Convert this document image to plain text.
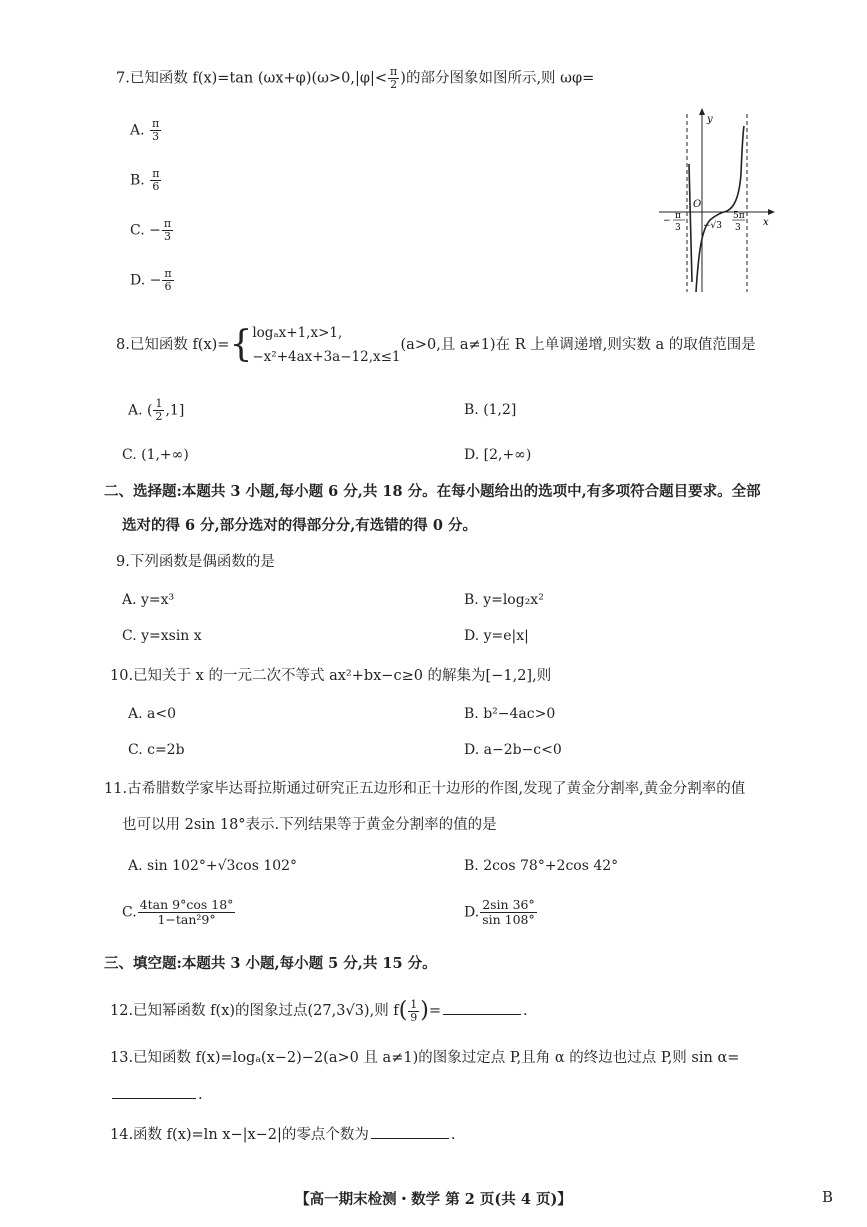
7.已知函数 f(x)=tan $(\omega x+\varphi)(\omega>0,|\varphi|< \frac{\pi}{2}$ )的部分图象如图所示,则 ωφ=
A. $\frac{\pi}{3}$
B. $\frac{\pi}{6}$
C. − $\frac{\pi}{3}$
D. − $\frac{\pi}{6}$
y
x
O
− π
3 −√3
5π
3
8.已知函数 f(x)={ logₐx+1,x>1,
−x²+4ax+3a−12,x≤1
(a>0,且 a≠1)在 R 上单调递增,则实数 a 的取值范围是
A. ( $\frac{1}{2} ,1$]	B. (1,2]
C. (1,+∞)	D. [2,+∞)
二、选择题:本题共 3 小题,每小题 6 分,共 18 分。在每小题给出的选项中,有多项符合题目要求。全部
选对的得 6 分,部分选对的得部分分,有选错的得 0 分。
9.下列函数是偶函数的是
A. y=x³	B. y=log₂x²
C. y=xsin x	D. y=e|x|
10.已知关于 x 的一元二次不等式 ax²+bx−c≥0 的解集为[−1,2],则
A. a<0	B. b²−4ac>0
C. c=2b	D. a−2b−c<0
11.古希腊数学家毕达哥拉斯通过研究正五边形和正十边形的作图,发现了黄金分割率,黄金分割率的值
也可以用 2sin 18°表示.下列结果等于黄金分割率的值的是
A. sin 102°+√3cos 102°	B. 2cos 78°+2cos 42°
C. $\frac{4\tan 9^\circ\cos 18^\circ}{\text{1−tan²9°}}$	D. $\frac{2\sin 36^\circ}{\sin 108^\circ}$
三、填空题:本题共 3 小题,每小题 5 分,共 15 分。
12.已知幂函数 f(x)的图象过点(27,3√3),则 $f( \frac{1}{9}$ )=	.
13.已知函数 f(x)=logₐ(x−2)−2(a>0 且 a≠1)的图象过定点 P,且角 α 的终边也过点 P,则 sin α=
.
14.函数 f(x)=ln x−|x−2|的零点个数为	.
【高一期末检测・数学 第 2 页(共 4 页)】	B
